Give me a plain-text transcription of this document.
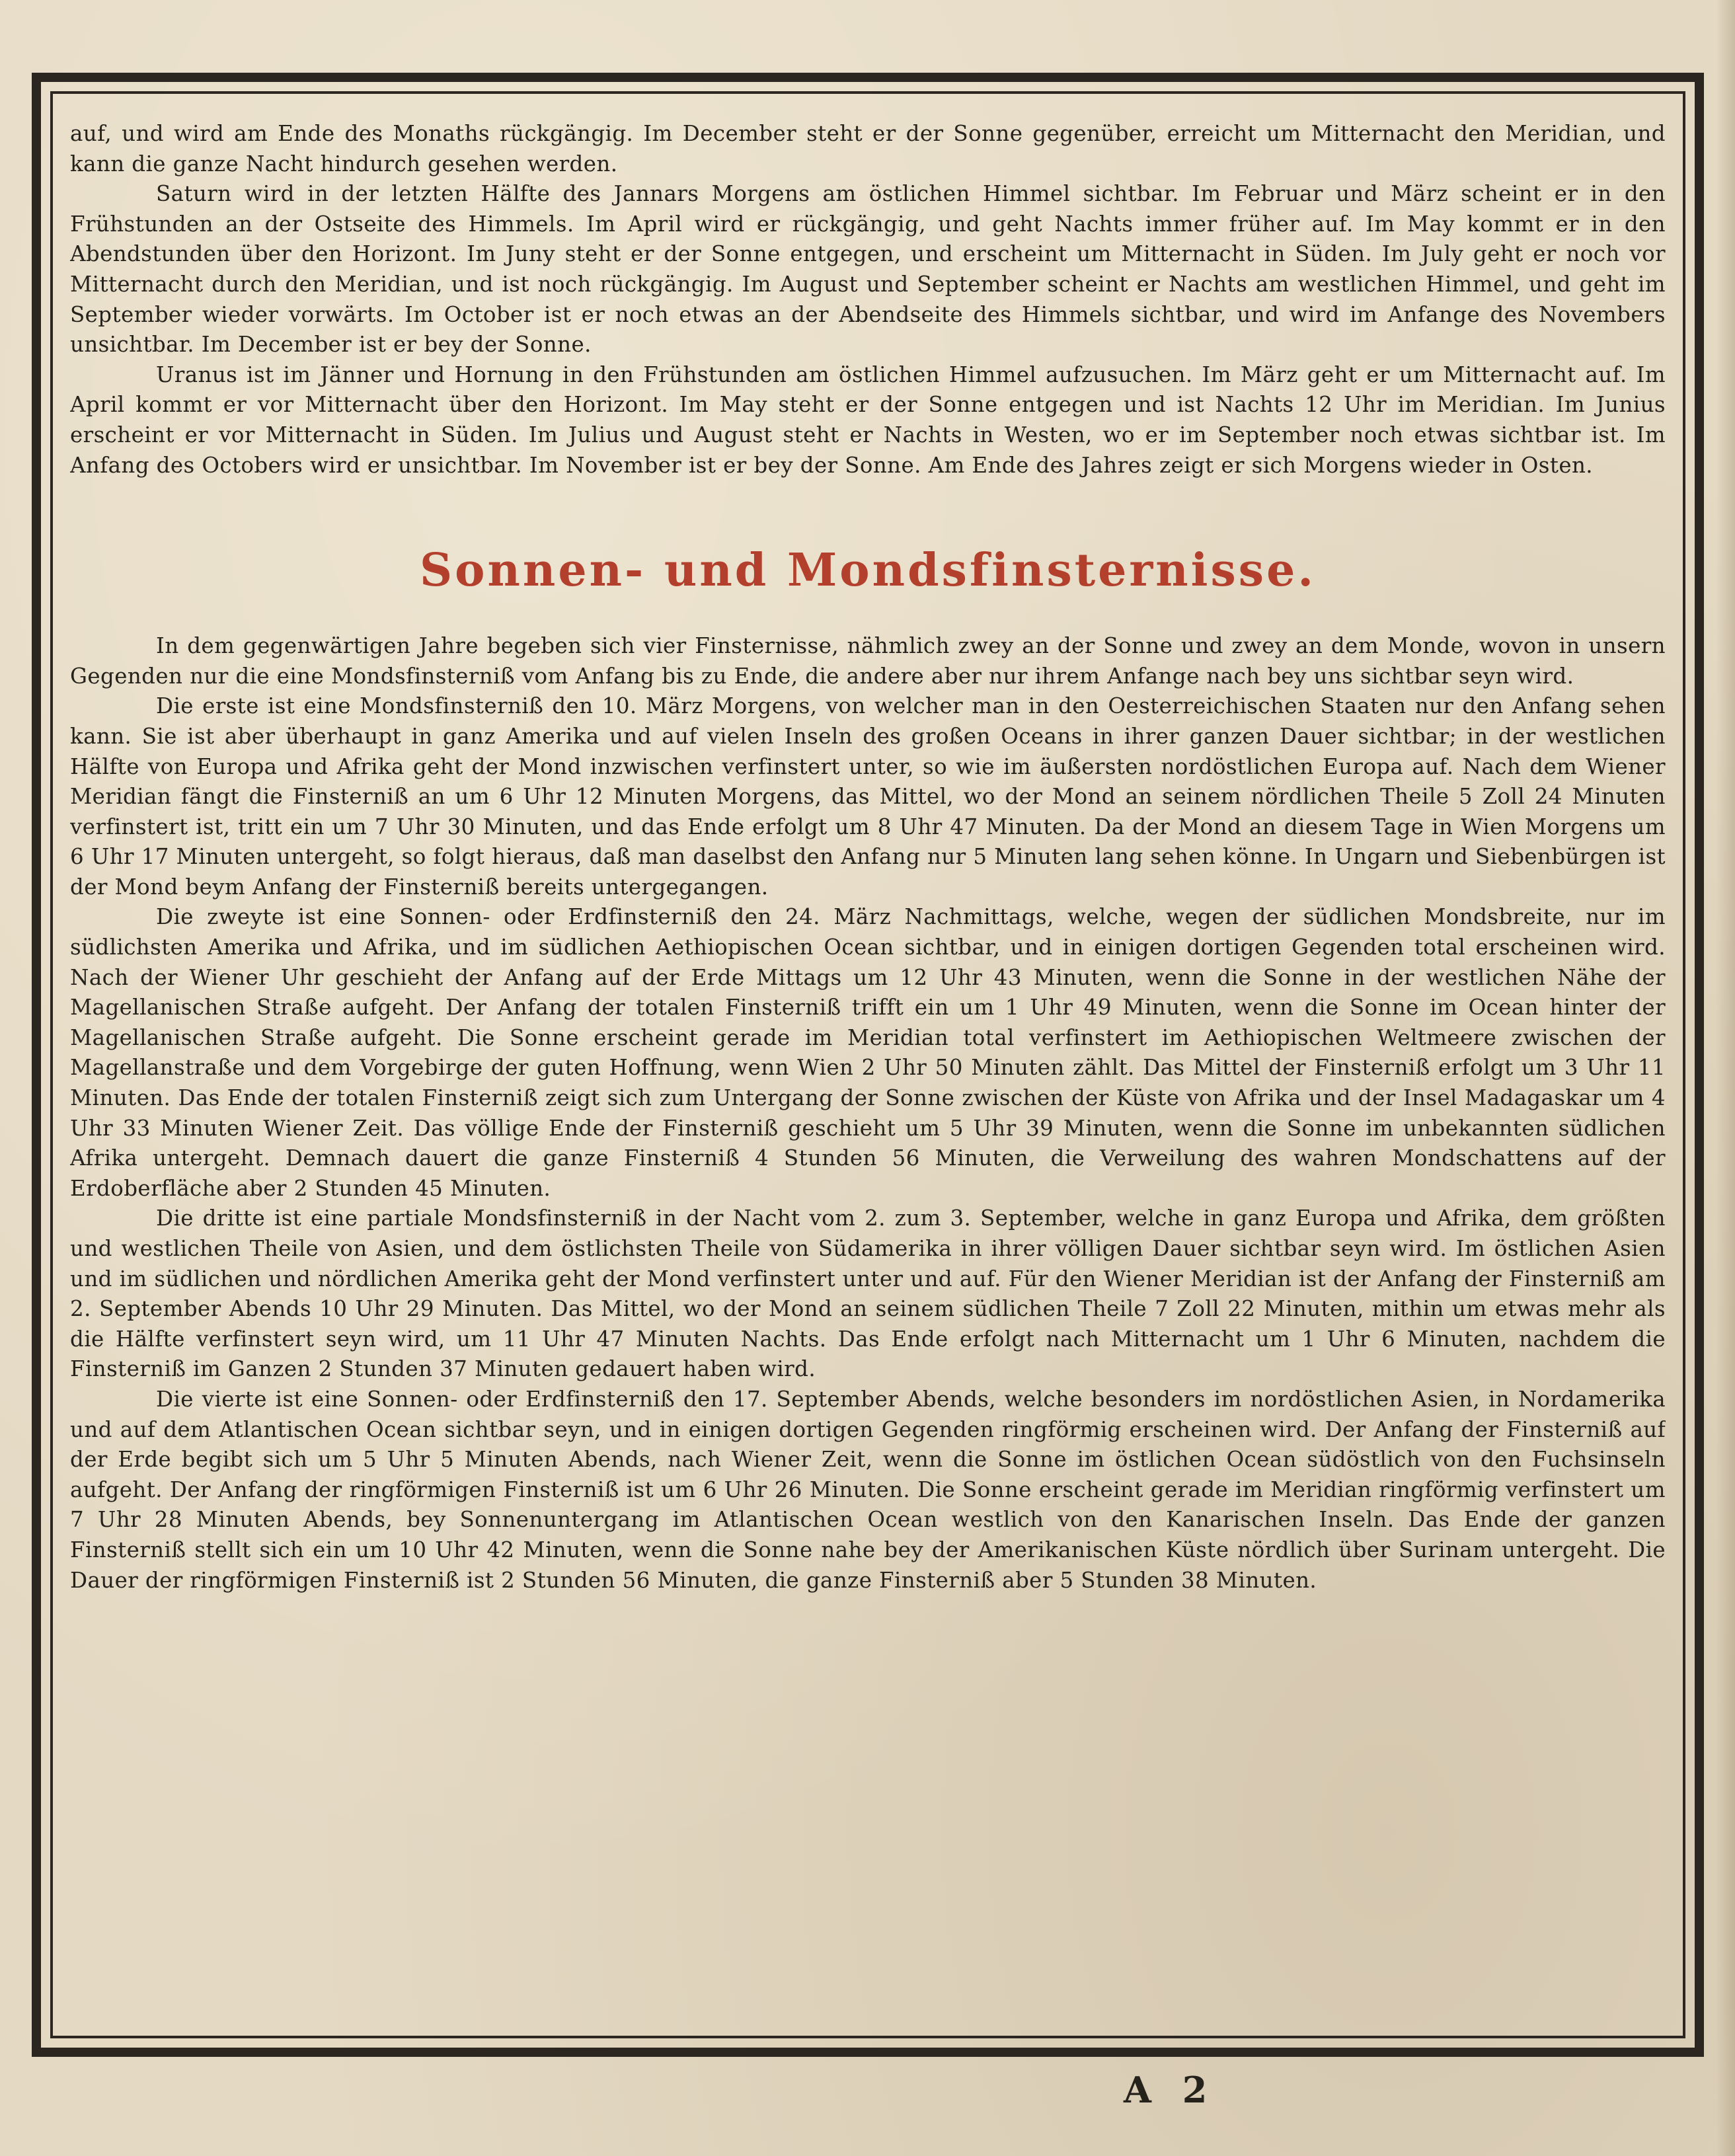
auf, und wird am Ende des Monaths rückgängig. Im December steht er der Sonne gegenüber, erreicht um Mitternacht den Meridian, und kann die ganze Nacht hindurch gesehen werden.

Saturn wird in der letzten Hälfte des Jannars Morgens am östlichen Himmel sichtbar. Im Februar und März scheint er in den Frühstunden an der Ostseite des Himmels. Im April wird er rückgängig, und geht Nachts immer früher auf. Im May kommt er in den Abendstunden über den Horizont. Im Juny steht er der Sonne entgegen, und erscheint um Mitternacht in Süden. Im July geht er noch vor Mitternacht durch den Meridian, und ist noch rückgängig. Im August und September scheint er Nachts am westlichen Himmel, und geht im September wieder vorwärts. Im October ist er noch etwas an der Abendseite des Himmels sichtbar, und wird im Anfange des Novembers unsichtbar. Im December ist er bey der Sonne.

Uranus ist im Jänner und Hornung in den Frühstunden am östlichen Himmel aufzusuchen. Im März geht er um Mitternacht auf. Im April kommt er vor Mitternacht über den Horizont. Im May steht er der Sonne entgegen und ist Nachts 12 Uhr im Meridian. Im Junius erscheint er vor Mitternacht in Süden. Im Julius und August steht er Nachts in Westen, wo er im September noch etwas sichtbar ist. Im Anfang des Octobers wird er unsichtbar. Im November ist er bey der Sonne. Am Ende des Jahres zeigt er sich Morgens wieder in Osten.

Sonnen- und Mondsfinsternisse.

In dem gegenwärtigen Jahre begeben sich vier Finsternisse, nähmlich zwey an der Sonne und zwey an dem Monde, wovon in unsern Gegenden nur die eine Mondsfinsterniß vom Anfang bis zu Ende, die andere aber nur ihrem Anfange nach bey uns sichtbar seyn wird.

Die erste ist eine Mondsfinsterniß den 10. März Morgens, von welcher man in den Oesterreichischen Staaten nur den Anfang sehen kann. Sie ist aber überhaupt in ganz Amerika und auf vielen Inseln des großen Oceans in ihrer ganzen Dauer sichtbar; in der westlichen Hälfte von Europa und Afrika geht der Mond inzwischen verfinstert unter, so wie im äußersten nordöstlichen Europa auf. Nach dem Wiener Meridian fängt die Finsterniß an um 6 Uhr 12 Minuten Morgens, das Mittel, wo der Mond an seinem nördlichen Theile 5 Zoll 24 Minuten verfinstert ist, tritt ein um 7 Uhr 30 Minuten, und das Ende erfolgt um 8 Uhr 47 Minuten. Da der Mond an diesem Tage in Wien Morgens um 6 Uhr 17 Minuten untergeht, so folgt hieraus, daß man daselbst den Anfang nur 5 Minuten lang sehen könne. In Ungarn und Siebenbürgen ist der Mond beym Anfang der Finsterniß bereits untergegangen.

Die zweyte ist eine Sonnen- oder Erdfinsterniß den 24. März Nachmittags, welche, wegen der südlichen Mondsbreite, nur im südlichsten Amerika und Afrika, und im südlichen Aethiopischen Ocean sichtbar, und in einigen dortigen Gegenden total erscheinen wird. Nach der Wiener Uhr geschieht der Anfang auf der Erde Mittags um 12 Uhr 43 Minuten, wenn die Sonne in der westlichen Nähe der Magellanischen Straße aufgeht. Der Anfang der totalen Finsterniß trifft ein um 1 Uhr 49 Minuten, wenn die Sonne im Ocean hinter der Magellanischen Straße aufgeht. Die Sonne erscheint gerade im Meridian total verfinstert im Aethiopischen Weltmeere zwischen der Magellanstraße und dem Vorgebirge der guten Hoffnung, wenn Wien 2 Uhr 50 Minuten zählt. Das Mittel der Finsterniß erfolgt um 3 Uhr 11 Minuten. Das Ende der totalen Finsterniß zeigt sich zum Untergang der Sonne zwischen der Küste von Afrika und der Insel Madagaskar um 4 Uhr 33 Minuten Wiener Zeit. Das völlige Ende der Finsterniß geschieht um 5 Uhr 39 Minuten, wenn die Sonne im unbekannten südlichen Afrika untergeht. Demnach dauert die ganze Finsterniß 4 Stunden 56 Minuten, die Verweilung des wahren Mondschattens auf der Erdoberfläche aber 2 Stunden 45 Minuten.

Die dritte ist eine partiale Mondsfinsterniß in der Nacht vom 2. zum 3. September, welche in ganz Europa und Afrika, dem größten und westlichen Theile von Asien, und dem östlichsten Theile von Südamerika in ihrer völligen Dauer sichtbar seyn wird. Im östlichen Asien und im südlichen und nördlichen Amerika geht der Mond verfinstert unter und auf. Für den Wiener Meridian ist der Anfang der Finsterniß am 2. September Abends 10 Uhr 29 Minuten. Das Mittel, wo der Mond an seinem südlichen Theile 7 Zoll 22 Minuten, mithin um etwas mehr als die Hälfte verfinstert seyn wird, um 11 Uhr 47 Minuten Nachts. Das Ende erfolgt nach Mitternacht um 1 Uhr 6 Minuten, nachdem die Finsterniß im Ganzen 2 Stunden 37 Minuten gedauert haben wird.

Die vierte ist eine Sonnen- oder Erdfinsterniß den 17. September Abends, welche besonders im nordöstlichen Asien, in Nordamerika und auf dem Atlantischen Ocean sichtbar seyn, und in einigen dortigen Gegenden ringförmig erscheinen wird. Der Anfang der Finsterniß auf der Erde begibt sich um 5 Uhr 5 Minuten Abends, nach Wiener Zeit, wenn die Sonne im östlichen Ocean südöstlich von den Fuchsinseln aufgeht. Der Anfang der ringförmigen Finsterniß ist um 6 Uhr 26 Minuten. Die Sonne erscheint gerade im Meridian ringförmig verfinstert um 7 Uhr 28 Minuten Abends, bey Sonnenuntergang im Atlantischen Ocean westlich von den Kanarischen Inseln. Das Ende der ganzen Finsterniß stellt sich ein um 10 Uhr 42 Minuten, wenn die Sonne nahe bey der Amerikanischen Küste nördlich über Surinam untergeht. Die Dauer der ringförmigen Finsterniß ist 2 Stunden 56 Minuten, die ganze Finsterniß aber 5 Stunden 38 Minuten.

A 2
